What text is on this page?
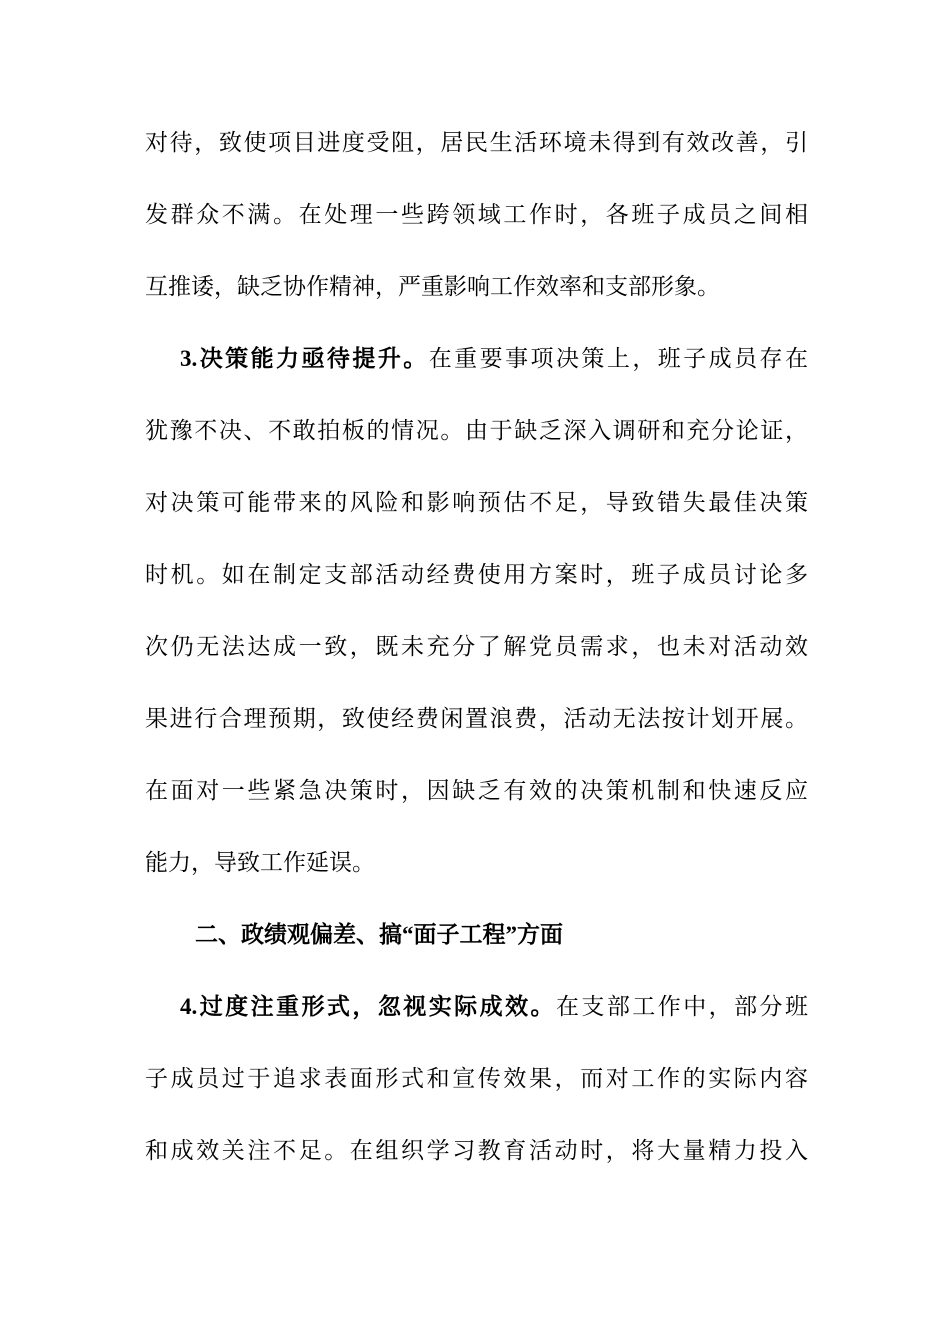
对待，致使项目进度受阻，居民生活环境未得到有效改善，引
发群众不满。在处理一些跨领域工作时，各班子成员之间相
互推诿，缺乏协作精神，严重影响工作效率和支部形象。
3.决策能力亟待提升。在重要事项决策上，班子成员存在
犹豫不决、不敢拍板的情况。由于缺乏深入调研和充分论证，
对决策可能带来的风险和影响预估不足，导致错失最佳决策
时机。如在制定支部活动经费使用方案时，班子成员讨论多
次仍无法达成一致，既未充分了解党员需求，也未对活动效
果进行合理预期，致使经费闲置浪费，活动无法按计划开展。
在面对一些紧急决策时，因缺乏有效的决策机制和快速反应
能力，导致工作延误。
二、政绩观偏差、搞“面子工程”方面
4.过度注重形式，忽视实际成效。在支部工作中，部分班
子成员过于追求表面形式和宣传效果，而对工作的实际内容
和成效关注不足。在组织学习教育活动时，将大量精力投入
